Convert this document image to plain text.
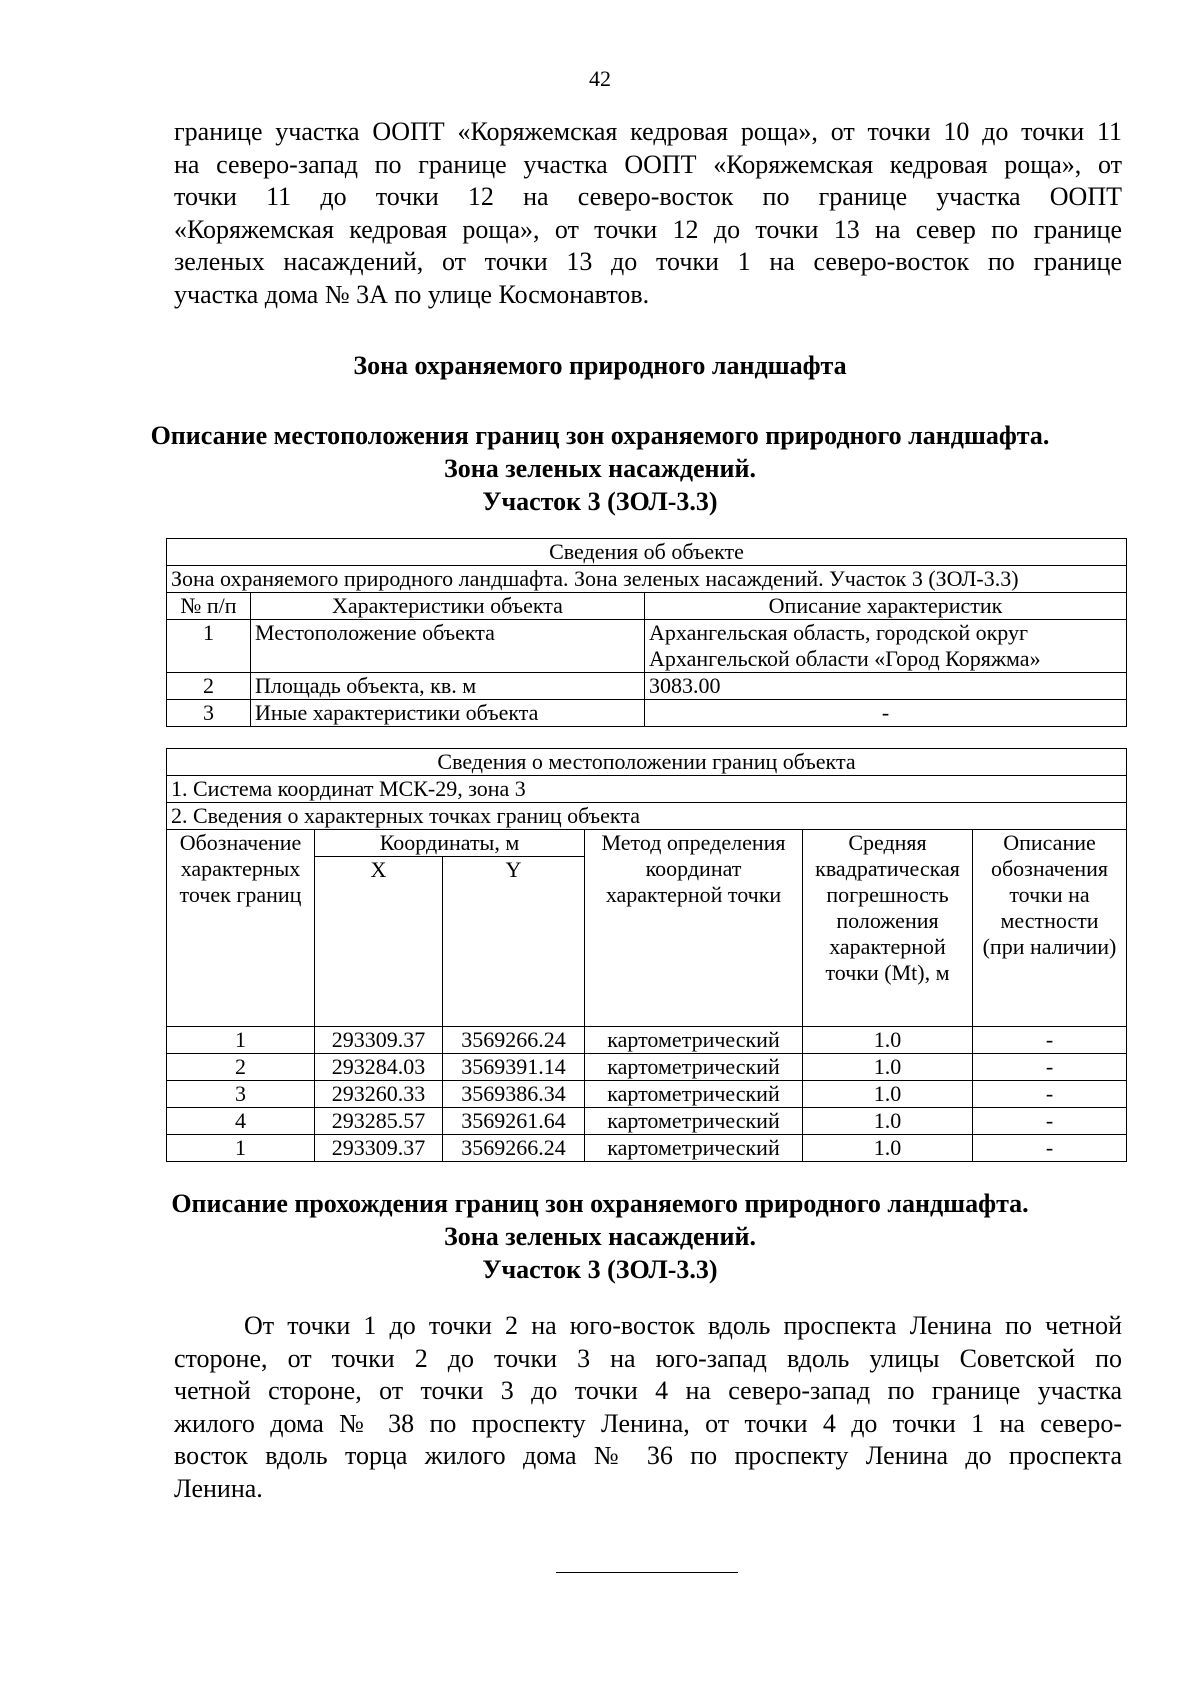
42
границе участка ООПТ «Коряжемская кедровая роща», от точки 10 до точки 11
на северо-запад по границе участка ООПТ «Коряжемская кедровая роща», от
точки 11 до точки 12 на северо-восток по границе участка ООПТ
«Коряжемская кедровая роща», от точки 12 до точки 13 на север по границе
зеленых насаждений, от точки 13 до точки 1 на северо-восток по границе
участка дома № 3А по улице Космонавтов.
Зона охраняемого природного ландшафта
Описание местоположения границ зон охраняемого природного ландшафта.
Зона зеленых насаждений.
Участок 3 (ЗОЛ-3.3)
Сведения об объекте		
Зона охраняемого природного ландшафта. Зона зеленых насаждений. Участок 3 (ЗОЛ-3.3)		
№ п/п	Характеристики объекта	Описание характеристик
1	Местоположение объекта	Архангельская область, городской округ Архангельской области «Город Коряжма»
2	Площадь объекта, кв. м	3083.00
3	Иные характеристики объекта	-
Сведения о местоположении границ объекта					
1. Система координат МСК-29, зона 3					
2. Сведения о характерных точках границ объекта					
Обозначение характерных точек границ	Координаты, м		Метод определения координат характерной точки	Средняя квадратическая погрешность положения характерной точки (Mt), м	Описание обозначения точки на местности (при наличии)
	X	Y			
1	293309.37	3569266.24	картометрический	1.0	-
2	293284.03	3569391.14	картометрический	1.0	-
3	293260.33	3569386.34	картометрический	1.0	-
4	293285.57	3569261.64	картометрический	1.0	-
1	293309.37	3569266.24	картометрический	1.0	-
Описание прохождения границ зон охраняемого природного ландшафта.
Зона зеленых насаждений.
Участок 3 (ЗОЛ-3.3)
От точки 1 до точки 2 на юго-восток вдоль проспекта Ленина по четной
стороне, от точки 2 до точки 3 на юго-запад вдоль улицы Советской по
четной стороне, от точки 3 до точки 4 на северо-запад по границе участка
жилого дома № 38 по проспекту Ленина, от точки 4 до точки 1 на северо-
восток вдоль торца жилого дома № 36 по проспекту Ленина до проспекта
Ленина.
